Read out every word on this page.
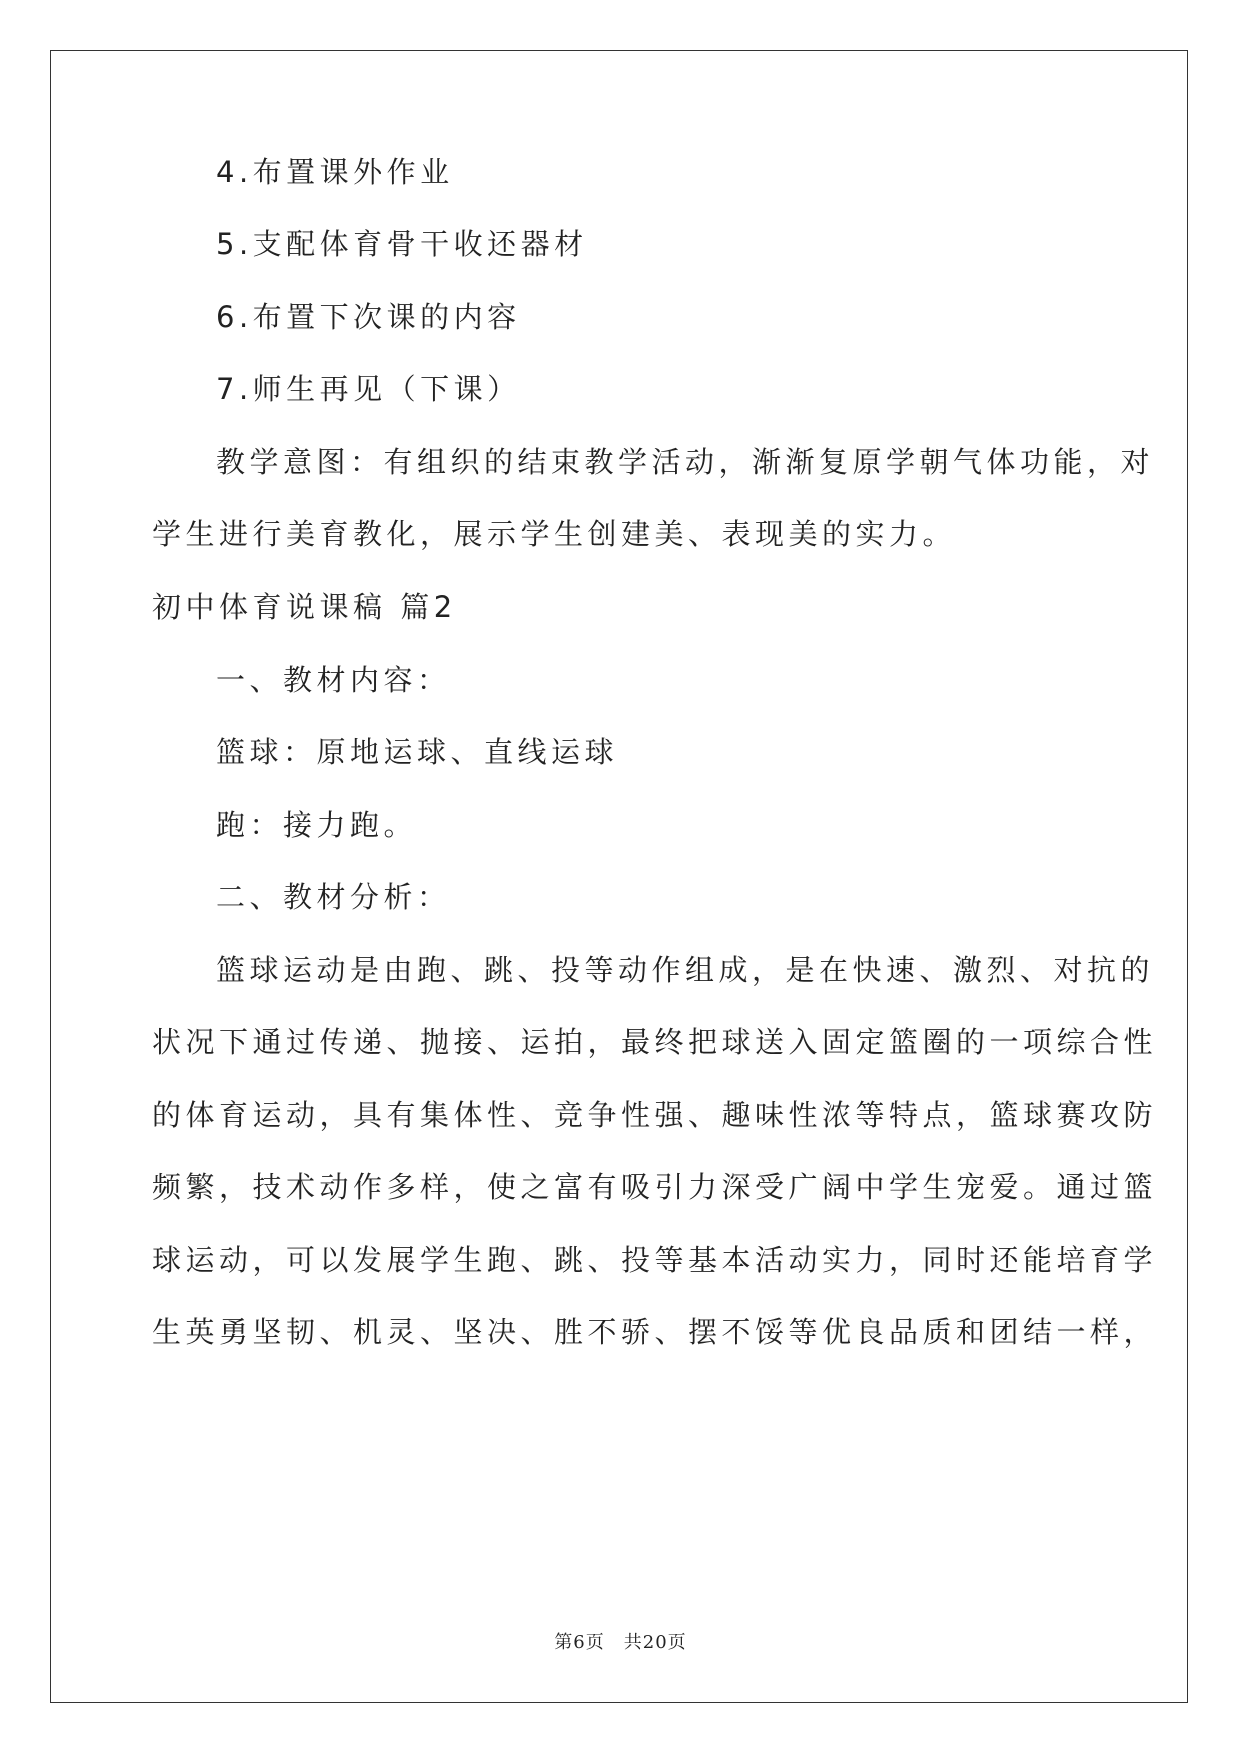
4.布置课外作业
5.支配体育骨干收还器材
6.布置下次课的内容
7.师生再见（下课）
教学意图：有组织的结束教学活动，渐渐复原学朝气体功能，对
学生进行美育教化，展示学生创建美、表现美的实力。
初中体育说课稿 篇2
一、教材内容：
篮球：原地运球、直线运球
跑：接力跑。
二、教材分析：
篮球运动是由跑、跳、投等动作组成，是在快速、激烈、对抗的
状况下通过传递、抛接、运拍，最终把球送入固定篮圈的一项综合性
的体育运动，具有集体性、竞争性强、趣味性浓等特点，篮球赛攻防
频繁，技术动作多样，使之富有吸引力深受广阔中学生宠爱。通过篮
球运动，可以发展学生跑、跳、投等基本活动实力，同时还能培育学
生英勇坚韧、机灵、坚决、胜不骄、摆不馁等优良品质和团结一样，
第6页　共20页
